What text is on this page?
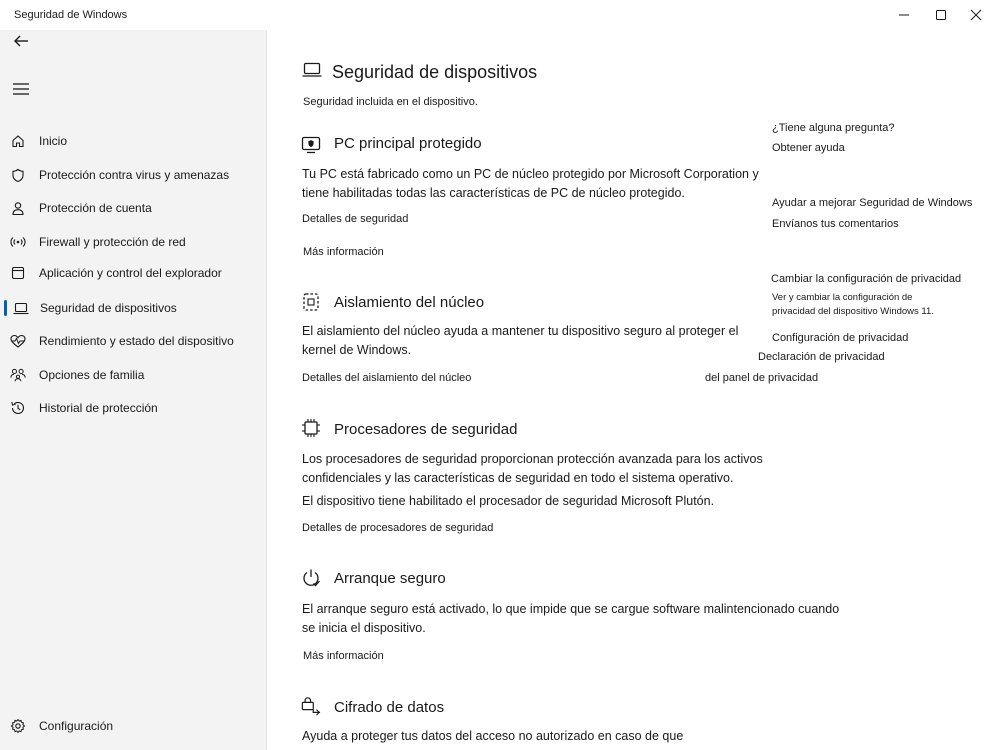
Seguridad de Windows
Inicio
Protección contra virus y amenazas
Protección de cuenta
Firewall y protección de red
Aplicación y control del explorador
Seguridad de dispositivos
Rendimiento y estado del dispositivo
Opciones de familia
Historial de protección
Configuración
Seguridad de dispositivos
Seguridad incluida en el dispositivo.
PC principal protegido
Tu PC está fabricado como un PC de núcleo protegido por Microsoft Corporation y tiene habilitadas todas las características de PC de núcleo protegido.
Detalles de seguridad
Más información
Aislamiento del núcleo
El aislamiento del núcleo ayuda a mantener tu dispositivo seguro al proteger el kernel de Windows.
Detalles del aislamiento del núcleo
Procesadores de seguridad
Los procesadores de seguridad proporcionan protección avanzada para los activos confidenciales y las características de seguridad en todo el sistema operativo.
El dispositivo tiene habilitado el procesador de seguridad Microsoft Plutón.
Detalles de procesadores de seguridad
Arranque seguro
El arranque seguro está activado, lo que impide que se cargue software malintencionado cuando se inicia el dispositivo.
Más información
Cifrado de datos
Ayuda a proteger tus datos del acceso no autorizado en caso de que
¿Tiene alguna pregunta?
Obtener ayuda
Ayudar a mejorar Seguridad de Windows
Envíanos tus comentarios
Cambiar la configuración de privacidad
Ver y cambiar la configuración de
privacidad del dispositivo Windows 11.
Configuración de privacidad
Declaración de privacidad
del panel de privacidad
